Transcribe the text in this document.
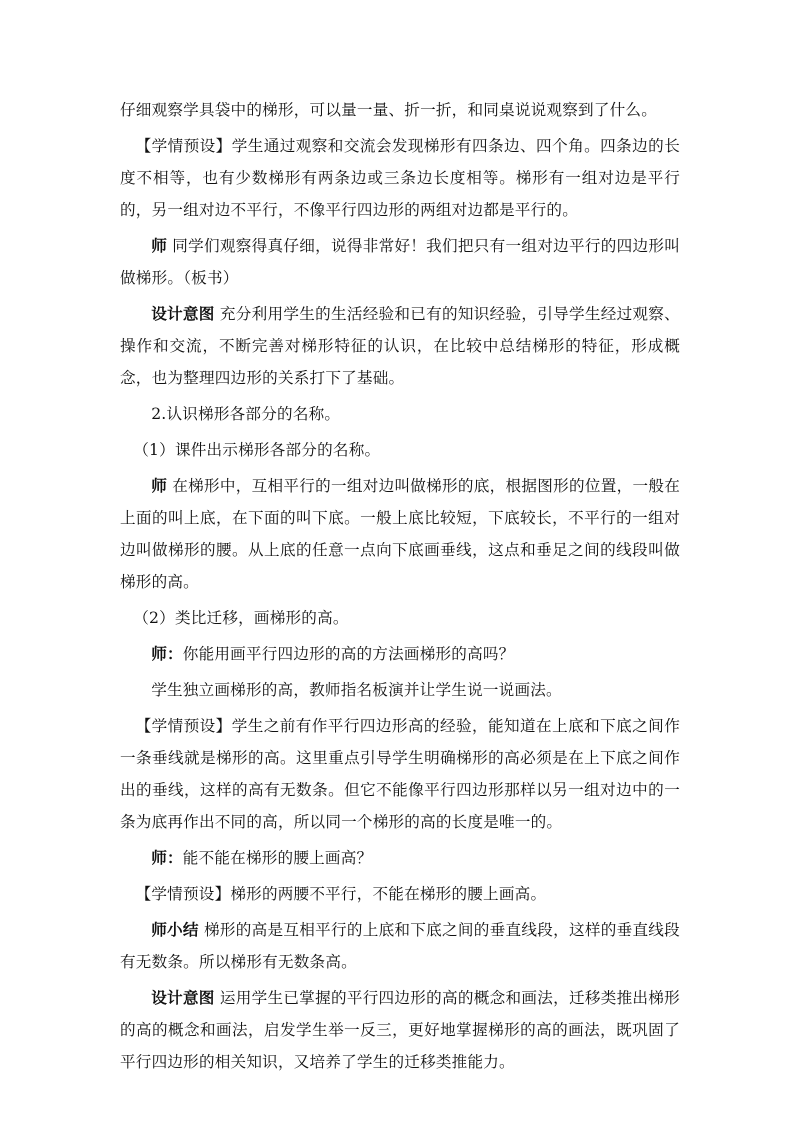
仔细观察学具袋中的梯形，可以量一量、折一折，和同桌说说观察到了什么。

【学情预设】学生通过观察和交流会发现梯形有四条边、四个角。四条边的长度不相等，也有少数梯形有两条边或三条边长度相等。梯形有一组对边是平行的，另一组对边不平行，不像平行四边形的两组对边都是平行的。

师 同学们观察得真仔细，说得非常好！我们把只有一组对边平行的四边形叫做梯形。（板书）

设计意图 充分利用学生的生活经验和已有的知识经验，引导学生经过观察、操作和交流，不断完善对梯形特征的认识，在比较中总结梯形的特征，形成概念，也为整理四边形的关系打下了基础。

2.认识梯形各部分的名称。

（1）课件出示梯形各部分的名称。

师 在梯形中，互相平行的一组对边叫做梯形的底，根据图形的位置，一般在上面的叫上底，在下面的叫下底。一般上底比较短，下底较长，不平行的一组对边叫做梯形的腰。从上底的任意一点向下底画垂线，这点和垂足之间的线段叫做梯形的高。

（2）类比迁移，画梯形的高。

师：你能用画平行四边形的高的方法画梯形的高吗？

学生独立画梯形的高，教师指名板演并让学生说一说画法。

【学情预设】学生之前有作平行四边形高的经验，能知道在上底和下底之间作一条垂线就是梯形的高。这里重点引导学生明确梯形的高必须是在上下底之间作出的垂线，这样的高有无数条。但它不能像平行四边形那样以另一组对边中的一条为底再作出不同的高，所以同一个梯形的高的长度是唯一的。

师：能不能在梯形的腰上画高？

【学情预设】梯形的两腰不平行，不能在梯形的腰上画高。

师小结 梯形的高是互相平行的上底和下底之间的垂直线段，这样的垂直线段有无数条。所以梯形有无数条高。

设计意图 运用学生已掌握的平行四边形的高的概念和画法，迁移类推出梯形的高的概念和画法，启发学生举一反三，更好地掌握梯形的高的画法，既巩固了平行四边形的相关知识，又培养了学生的迁移类推能力。
